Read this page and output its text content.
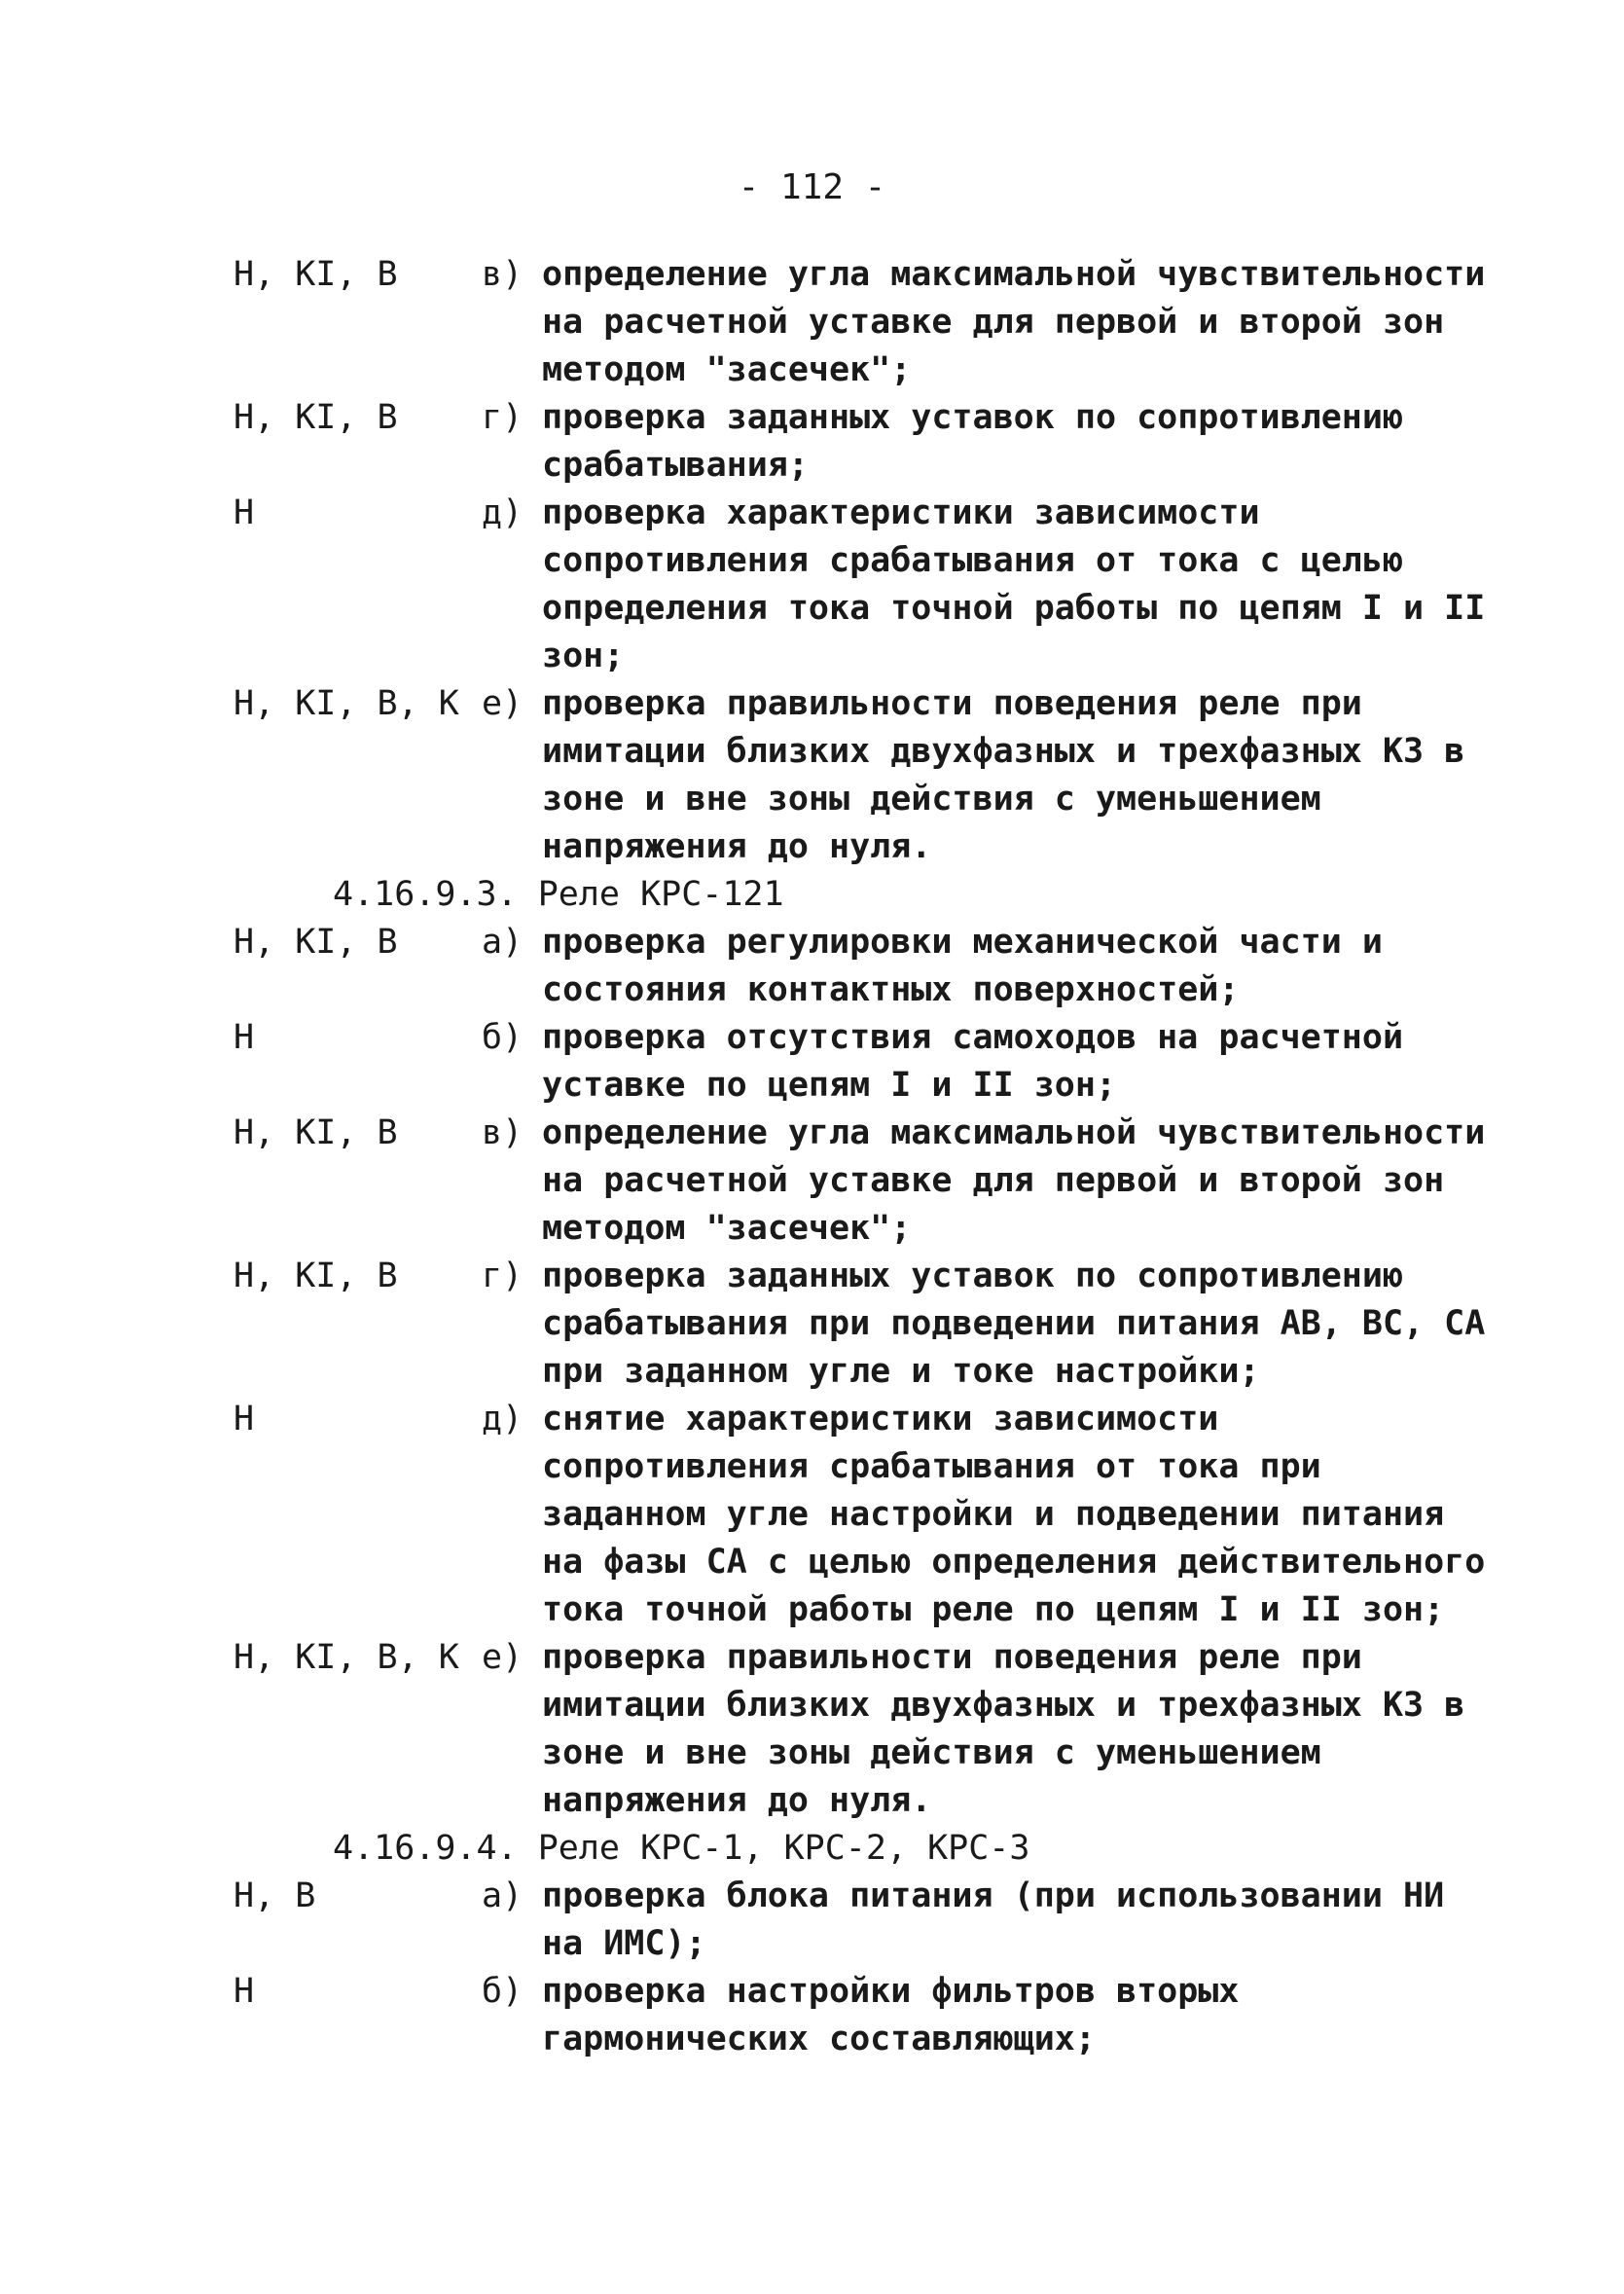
- 112 -
Н, КI, В	в) определение угла максимальной чувствительности на расчетной уставке для первой и второй зон методом "засечек";
Н, КI, В	г) проверка заданных уставок по сопротивлению срабатывания;
Н	д) проверка характеристики зависимости сопротивления срабатывания от тока с целью определения тока точной работы по цепям I и II зон;
Н, КI, В, К е) проверка правильности поведения реле при имитации близких двухфазных и трехфазных КЗ в зоне и вне зоны действия с уменьшением напряжения до нуля.

4.16.9.3. Реле КРС-121

Н, КI, В	а) проверка регулировки механической части и состояния контактных поверхностей;
Н	б) проверка отсутствия самоходов на расчетной уставке по цепям I и II зон;
Н, КI, В	в) определение угла максимальной чувствительности на расчетной уставке для первой и второй зон методом "засечек";
Н, КI, В	г) проверка заданных уставок по сопротивлению срабатывания при подведении питания АВ, ВС, СА при заданном угле и токе настройки;
Н	д) снятие характеристики зависимости сопротивления срабатывания от тока при заданном угле настройки и подведении питания на фазы СА с целью определения действительного тока точной работы реле по цепям I и II зон;
Н, КI, В, К е) проверка правильности поведения реле при имитации близких двухфазных и трехфазных КЗ в зоне и вне зоны действия с уменьшением напряжения до нуля.

4.16.9.4. Реле КРС-1, КРС-2, КРС-3

Н, В	а) проверка блока питания (при использовании НИ на ИМС);
Н	б) проверка настройки фильтров вторых гармонических составляющих;
